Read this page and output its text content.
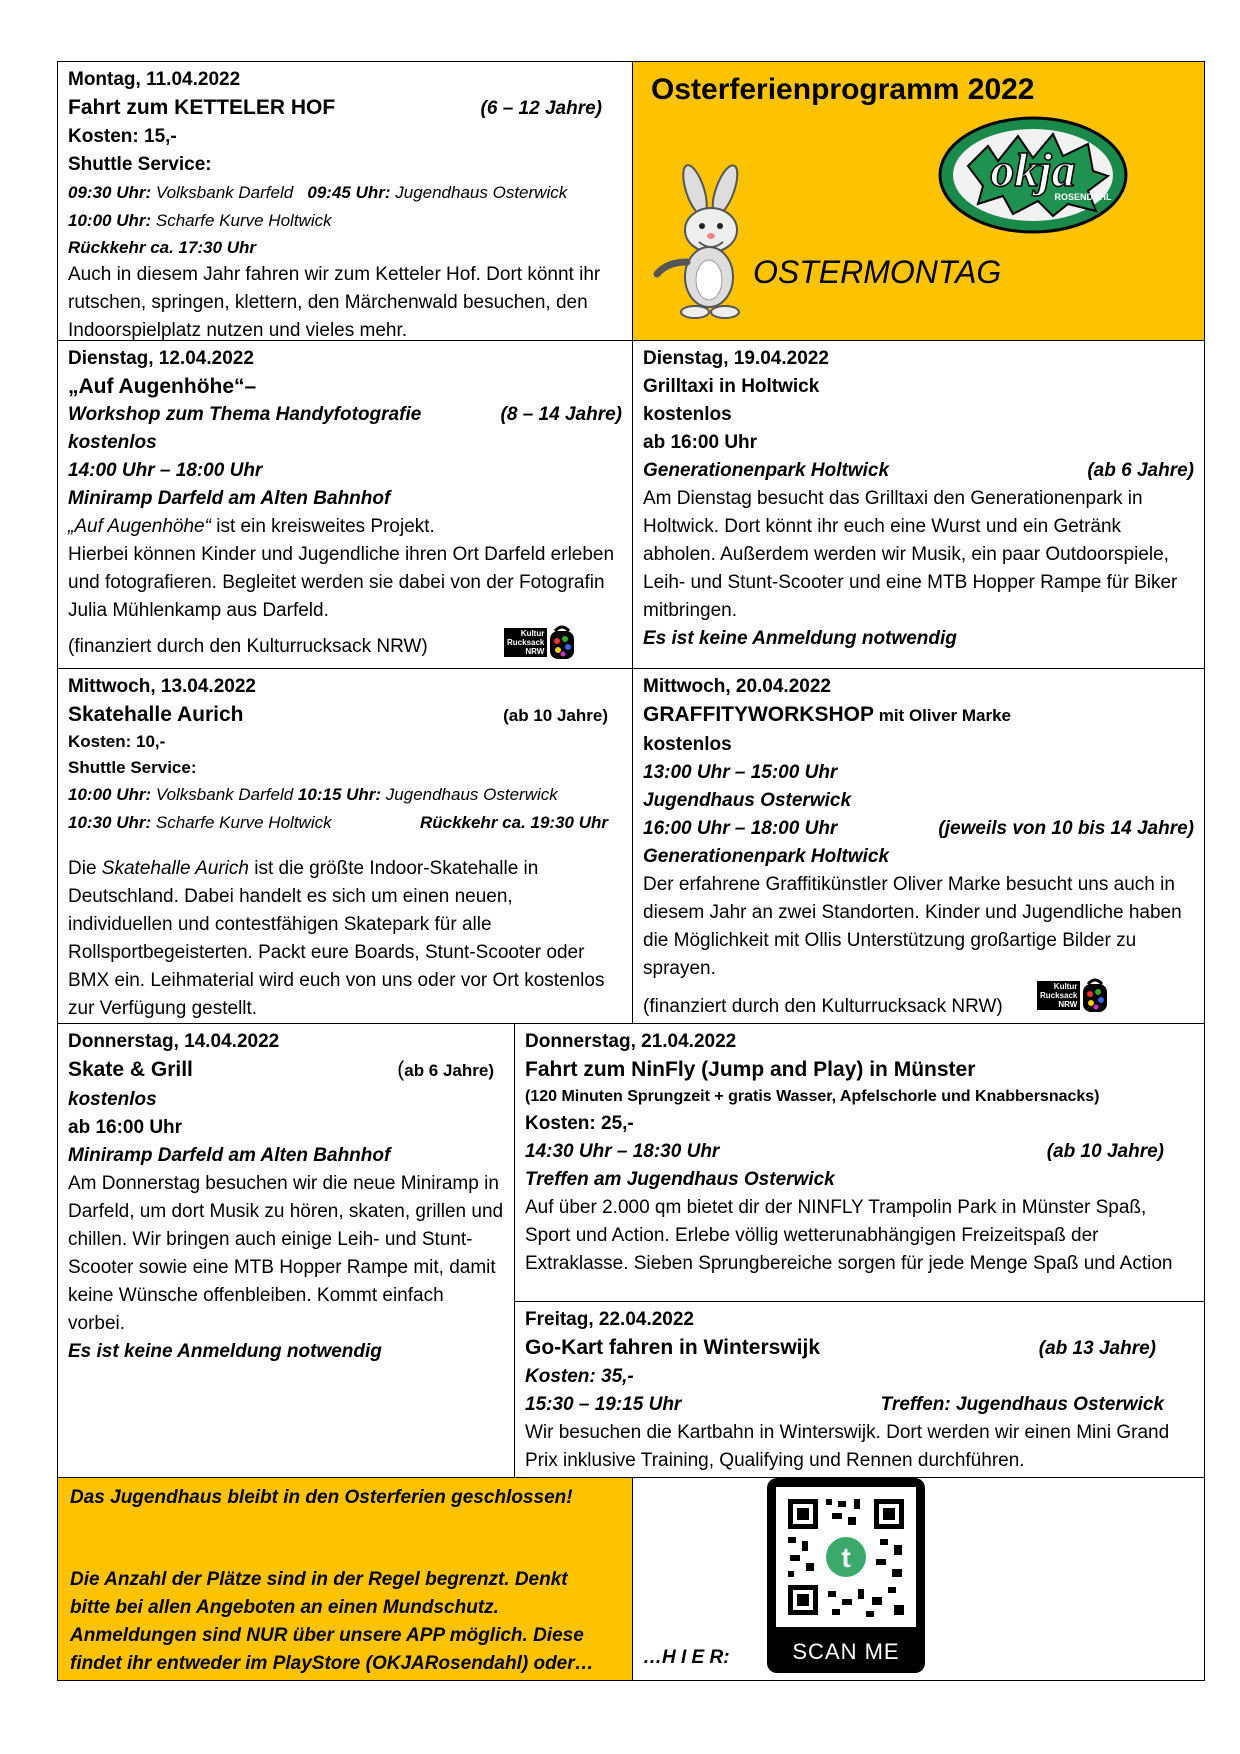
Montag, 11.04.2022
Fahrt zum KETTELER HOF	(6 – 12 Jahre)
Kosten: 15,-
Shuttle Service:
09:30 Uhr: Volksbank Darfeld 09:45 Uhr: Jugendhaus Osterwick
10:00 Uhr: Scharfe Kurve Holtwick
Rückkehr ca. 17:30 Uhr
Auch in diesem Jahr fahren wir zum Ketteler Hof. Dort könnt ihr rutschen, springen, klettern, den Märchenwald besuchen, den Indoorspielplatz nutzen und vieles mehr.
Osterferienprogramm 2022
okja
ROSENDAHL
OSTERMONTAG
Dienstag, 12.04.2022
„Auf Augenhöhe“–
Workshop zum Thema Handyfotografie	(8 – 14 Jahre)
kostenlos
14:00 Uhr – 18:00 Uhr
Miniramp Darfeld am Alten Bahnhof
„Auf Augenhöhe“ ist ein kreisweites Projekt.
Hierbei können Kinder und Jugendliche ihren Ort Darfeld erleben und fotografieren. Begleitet werden sie dabei von der Fotografin Julia Mühlenkamp aus Darfeld.
(finanziert durch den Kulturrucksack NRW)
Kultur
Rucksack
NRW
Dienstag, 19.04.2022
Grilltaxi in Holtwick
kostenlos
ab 16:00 Uhr
Generationenpark Holtwick	(ab 6 Jahre)
Am Dienstag besucht das Grilltaxi den Generationenpark in Holtwick. Dort könnt ihr euch eine Wurst und ein Getränk abholen. Außerdem werden wir Musik, ein paar Outdoorspiele, Leih- und Stunt-Scooter und eine MTB Hopper Rampe für Biker mitbringen.
Es ist keine Anmeldung notwendig
Mittwoch, 13.04.2022
Skatehalle Aurich	(ab 10 Jahre)
Kosten: 10,-
Shuttle Service:
10:00 Uhr: Volksbank Darfeld 10:15 Uhr: Jugendhaus Osterwick
10:30 Uhr: Scharfe Kurve Holtwick	Rückkehr ca. 19:30 Uhr
Die Skatehalle Aurich ist die größte Indoor-Skatehalle in Deutschland. Dabei handelt es sich um einen neuen, individuellen und contestfähigen Skatepark für alle Rollsportbegeisterten. Packt eure Boards, Stunt-Scooter oder BMX ein. Leihmaterial wird euch von uns oder vor Ort kostenlos zur Verfügung gestellt.
Mittwoch, 20.04.2022
GRAFFITYWORKSHOP mit Oliver Marke
kostenlos
13:00 Uhr – 15:00 Uhr
Jugendhaus Osterwick
16:00 Uhr – 18:00 Uhr	(jeweils von 10 bis 14 Jahre)
Generationenpark Holtwick
Der erfahrene Graffitikünstler Oliver Marke besucht uns auch in diesem Jahr an zwei Standorten. Kinder und Jugendliche haben die Möglichkeit mit Ollis Unterstützung großartige Bilder zu sprayen.
(finanziert durch den Kulturrucksack NRW)
Kultur
Rucksack
NRW
Donnerstag, 14.04.2022
Skate & Grill	(ab 6 Jahre)
kostenlos
ab 16:00 Uhr
Miniramp Darfeld am Alten Bahnhof
Am Donnerstag besuchen wir die neue Miniramp in Darfeld, um dort Musik zu hören, skaten, grillen und chillen. Wir bringen auch einige Leih- und Stunt-Scooter sowie eine MTB Hopper Rampe mit, damit keine Wünsche offenbleiben. Kommt einfach vorbei.
Es ist keine Anmeldung notwendig
Donnerstag, 21.04.2022
Fahrt zum NinFly (Jump and Play) in Münster
(120 Minuten Sprungzeit + gratis Wasser, Apfelschorle und Knabbersnacks)
Kosten: 25,-
14:30 Uhr – 18:30 Uhr	(ab 10 Jahre)
Treffen am Jugendhaus Osterwick
Auf über 2.000 qm bietet dir der NINFLY Trampolin Park in Münster Spaß, Sport und Action. Erlebe völlig wetterunabhängigen Freizeitspaß der Extraklasse. Sieben Sprungbereiche sorgen für jede Menge Spaß und Action
Freitag, 22.04.2022
Go-Kart fahren in Winterswijk	(ab 13 Jahre)
Kosten: 35,-
15:30 – 19:15 Uhr	Treffen: Jugendhaus Osterwick
Wir besuchen die Kartbahn in Winterswijk. Dort werden wir einen Mini Grand Prix inklusive Training, Qualifying und Rennen durchführen.
Das Jugendhaus bleibt in den Osterferien geschlossen!
Die Anzahl der Plätze sind in der Regel begrenzt. Denkt bitte bei allen Angeboten an einen Mundschutz. Anmeldungen sind NUR über unsere APP möglich. Diese findet ihr entweder im PlayStore (OKJARosendahl) oder…	…H I E R:
t
SCAN ME
